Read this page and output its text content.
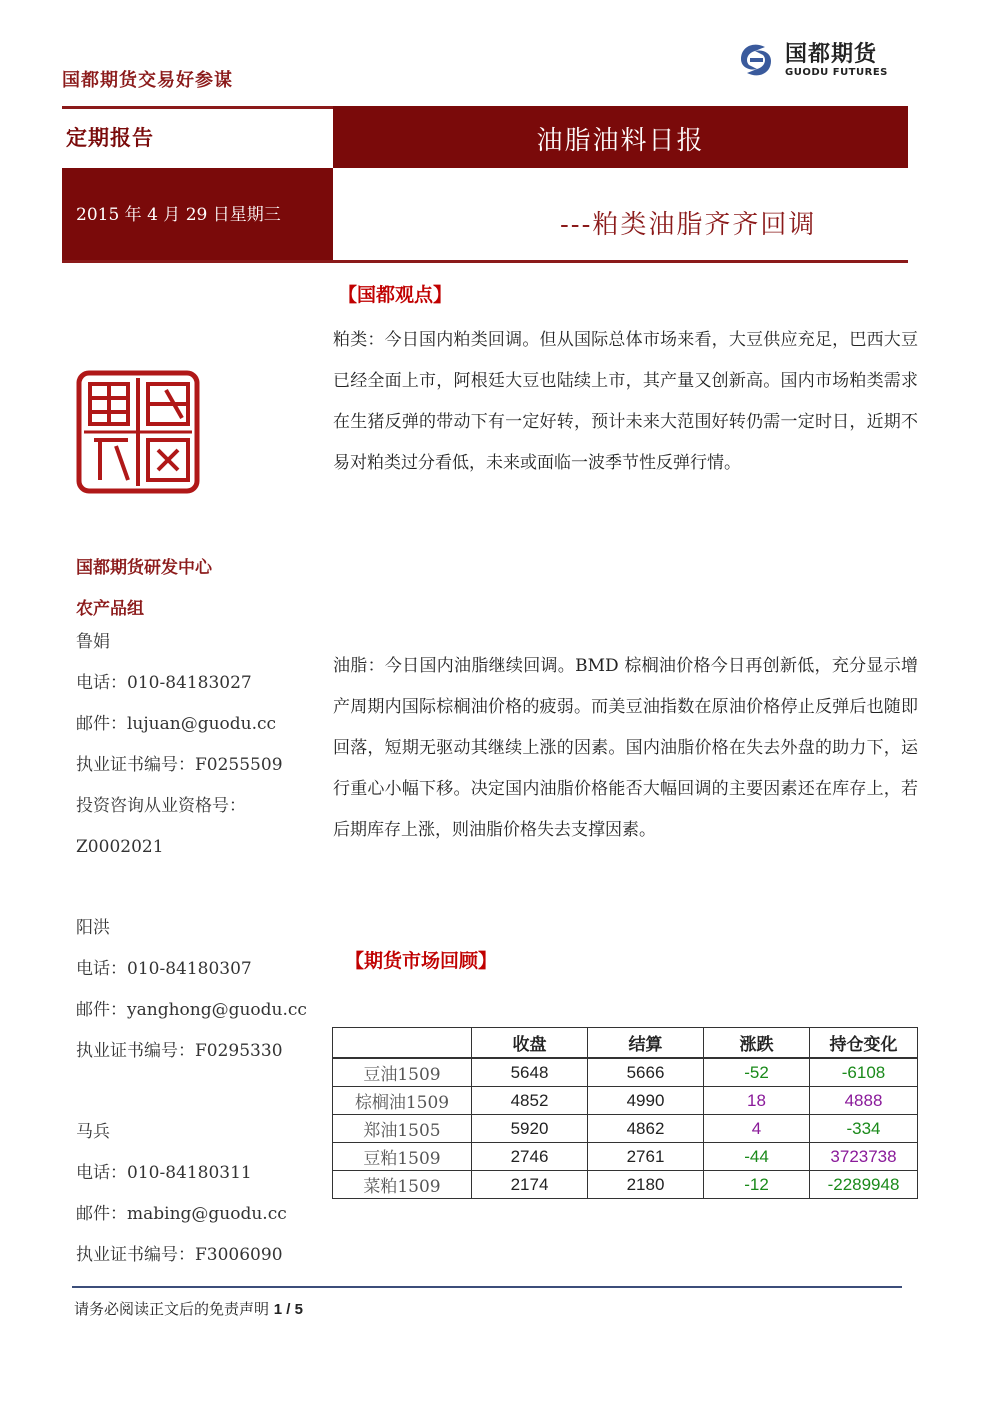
国都期货交易好参谋
国都期货
GUODU FUTURES
油脂油料日报
定期报告
2015 年 4 月 29 日星期三	---粕类油脂齐齐回调
国都期货研发中心
农产品组
鲁娟
电话：010-84183027
邮件：lujuan@guodu.cc
执业证书编号：F0255509
投资咨询从业资格号：
Z0002021
阳洪
电话：010-84180307
邮件：yanghong@guodu.cc
执业证书编号：F0295330
马兵
电话：010-84180311
邮件：mabing@guodu.cc
执业证书编号：F3006090
【国都观点】
粕类：今日国内粕类回调。但从国际总体市场来看，大豆供应充足，巴西大豆已经全面上市，阿根廷大豆也陆续上市，其产量又创新高。国内市场粕类需求在生猪反弹的带动下有一定好转，预计未来大范围好转仍需一定时日，近期不易对粕类过分看低，未来或面临一波季节性反弹行情。
油脂：今日国内油脂继续回调。BMD 棕榈油价格今日再创新低，充分显示增产周期内国际棕榈油价格的疲弱。而美豆油指数在原油价格停止反弹后也随即回落，短期无驱动其继续上涨的因素。国内油脂价格在失去外盘的助力下，运行重心小幅下移。决定国内油脂价格能否大幅回调的主要因素还在库存上，若后期库存上涨，则油脂价格失去支撑因素。
【期货市场回顾】
	收盘	结算	涨跌	持仓变化
豆油1509	5648	5666	-52	-6108
棕榈油1509	4852	4990	18	4888
郑油1505	5920	4862	4	-334
豆粕1509	2746	2761	-44	3723738
菜粕1509	2174	2180	-12	-2289948
请务必阅读正文后的免责声明 1 / 5
